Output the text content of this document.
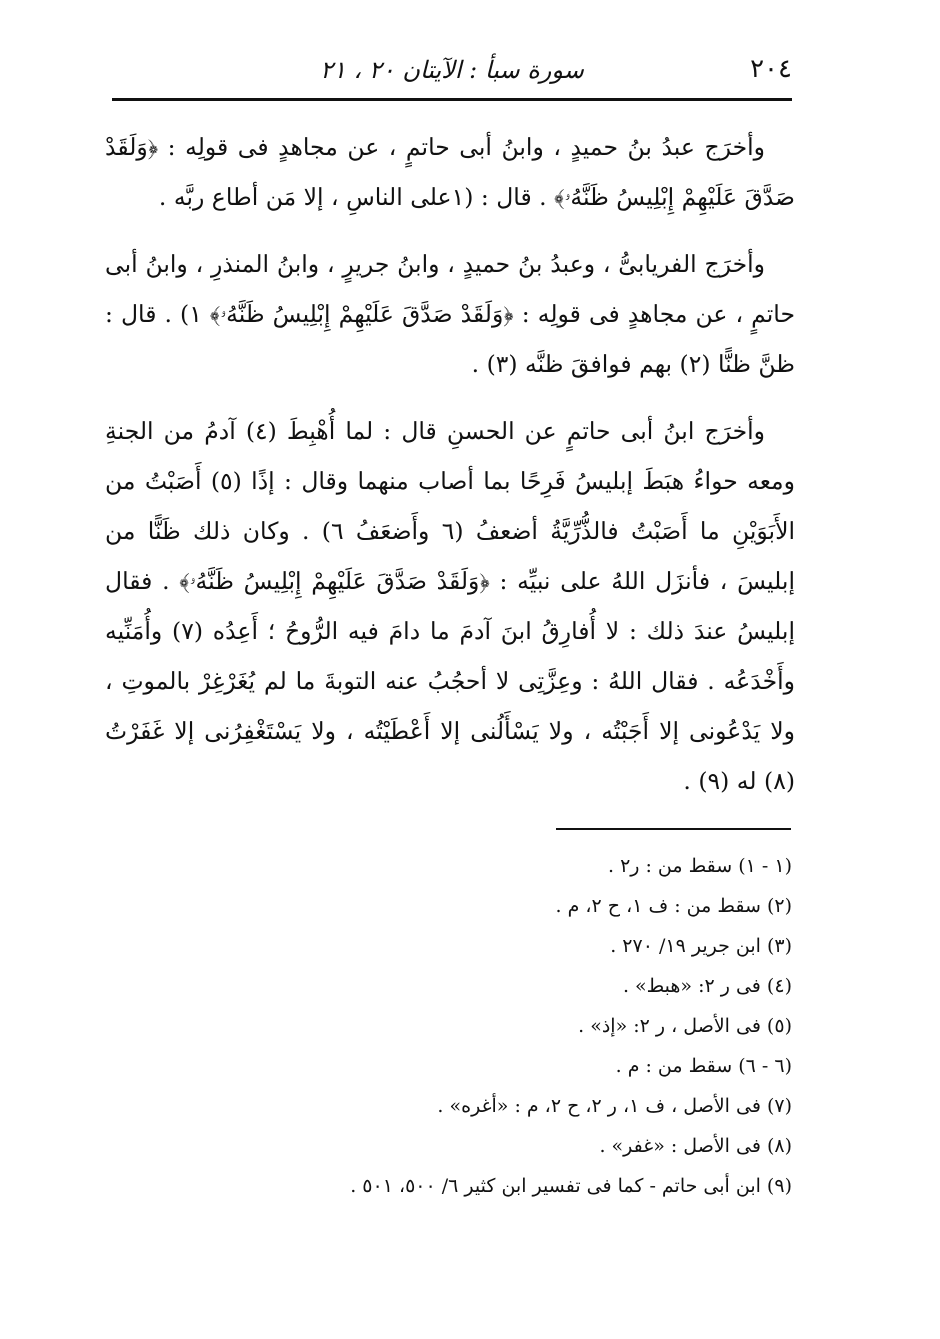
٢٠٤
سورة سبأ : الآيتان ٢٠ ، ٢١

وأخرَج عبدُ بنُ حميدٍ ، وابنُ أبى حاتمٍ ، عن مجاهدٍ فى قولِه : ﴿وَلَقَدْ صَدَّقَ عَلَيْهِمْ إِبْلِيسُ ظَنَّهُۥ﴾ . قال : (١على الناسِ ، إلا مَن أطاع ربَّه .

وأخرَج الفريابىُّ ، وعبدُ بنُ حميدٍ ، وابنُ جريرٍ ، وابنُ المنذرِ ، وابنُ أبى حاتمٍ ، عن مجاهدٍ فى قولِه : ﴿وَلَقَدْ صَدَّقَ عَلَيْهِمْ إِبْلِيسُ ظَنَّهُۥ﴾ ١) . قال : ظنَّ ظنًّا (٢) بهم فوافقَ ظنَّه (٣) .

وأخرَج ابنُ أبى حاتمٍ عن الحسنِ قال : لما أُهْبِطَ (٤) آدمُ من الجنةِ ومعه حواءُ هبَطَ إبليسُ فَرِحًا بما أصاب منهما وقال : إذًا (٥) أَصَبْتُ من الأَبَوَيْنِ ما أَصَبْتُ فالذُّرِّيَّةُ أضعفُ (٦ وأَضعَفُ ٦) . وكان ذلك ظَنًّا من إبليسَ ، فأنزَل اللهُ على نبيِّه : ﴿وَلَقَدْ صَدَّقَ عَلَيْهِمْ إِبْلِيسُ ظَنَّهُۥ﴾ . فقال إبليسُ عندَ ذلك : لا أُفارِقُ ابنَ آدمَ ما دامَ فيه الرُّوحُ ؛ أَعِدُه (٧) وأُمَنِّيه وأَخْدَعُه . فقال اللهُ : وعِزَّتِى لا أحجُبُ عنه التوبةَ ما لم يُغَرْغِرْ بالموتِ ، ولا يَدْعُونى إلا أَجَبْتُه ، ولا يَسْأَلُنى إلا أَعْطَيْتُه ، ولا يَسْتَغْفِرُنى إلا غَفَرْتُ (٨) له (٩) .

(١ - ١) سقط من : ر٢ .
(٢) سقط من : ف ١، ح ٢، م .
(٣) ابن جرير ١٩/ ٢٧٠ .
(٤) فى ر ٢: «هبط» .
(٥) فى الأصل ، ر ٢: «إذ» .
(٦ - ٦) سقط من : م .
(٧) فى الأصل ، ف ١، ر ٢، ح ٢، م : «أغره» .
(٨) فى الأصل : «غفر» .
(٩) ابن أبى حاتم - كما فى تفسير ابن كثير ٦/ ٥٠٠، ٥٠١ .
